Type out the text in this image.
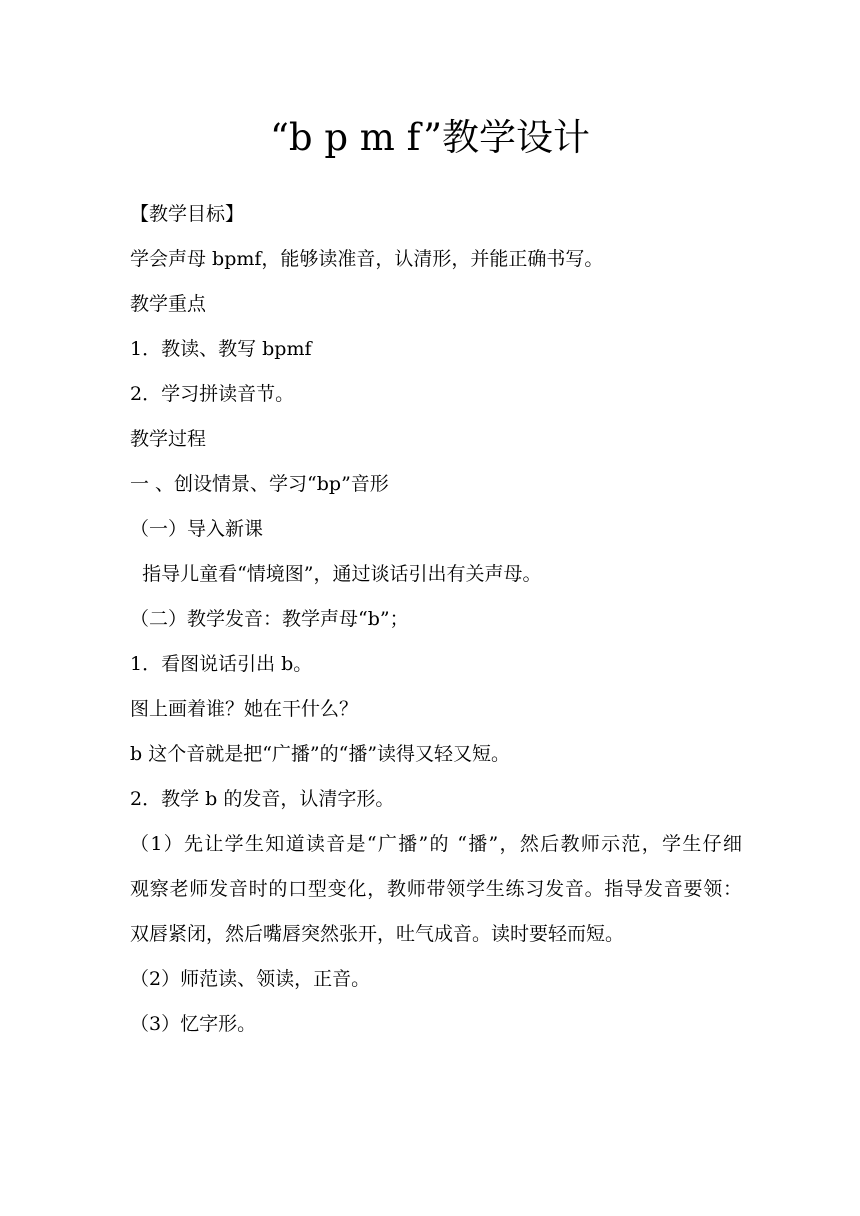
“b p m f”教学设计
【教学目标】
学会声母 bpmf，能够读准音，认清形，并能正确书写。
教学重点
1．教读、教写 bpmf
2．学习拼读音节。
教学过程
一 、创设情景、学习“bp”音形
（一）导入新课
指导儿童看“情境图”，通过谈话引出有关声母。
（二）教学发音：教学声母“b”；
1．看图说话引出 b。
图上画着谁？她在干什么？
b 这个音就是把“广播”的“播”读得又轻又短。
2．教学 b 的发音，认清字形。
（1）先让学生知道读音是“广播”的 “播”，然后教师示范，学生仔细
观察老师发音时的口型变化，教师带领学生练习发音。指导发音要领：
双唇紧闭，然后嘴唇突然张开，吐气成音。读时要轻而短。
（2）师范读、领读，正音。
（3）忆字形。
